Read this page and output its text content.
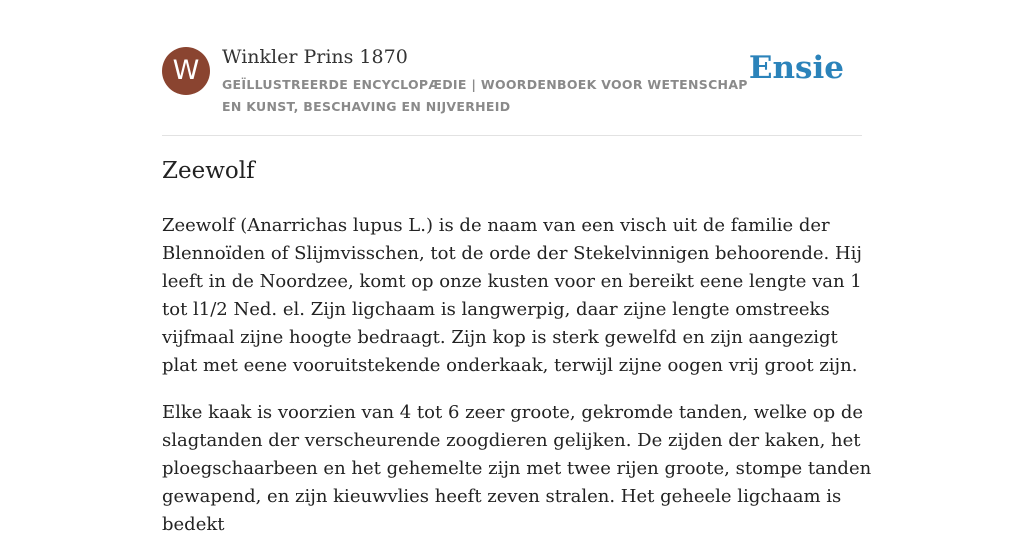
W	Winkler Prins 1870
GEÏLLUSTREERDE ENCYCLOPÆDIE | WOORDENBOEK VOOR WETENSCHAP EN KUNST, BESCHAVING EN NIJVERHEID
Ensie
Zeewolf

Zeewolf (Anarrichas lupus L.) is de naam van een visch uit de familie der Blennoïden of Slijmvisschen, tot de orde der Stekelvinnigen behoorende. Hij leeft in de Noordzee, komt op onze kusten voor en bereikt eene lengte van 1 tot l1/2 Ned. el. Zijn ligchaam is langwerpig, daar zijne lengte omstreeks vijfmaal zijne hoogte bedraagt. Zijn kop is sterk gewelfd en zijn aangezigt plat met eene vooruitstekende onderkaak, terwijl zijne oogen vrij groot zijn.

Elke kaak is voorzien van 4 tot 6 zeer groote, gekromde tanden, welke op de slagtanden der verscheurende zoogdieren gelijken. De zijden der kaken, het ploegschaarbeen en het gehemelte zijn met twee rijen groote, stompe tanden gewapend, en zijn kieuwvlies heeft zeven stralen. Het geheele ligchaam is bedekt
